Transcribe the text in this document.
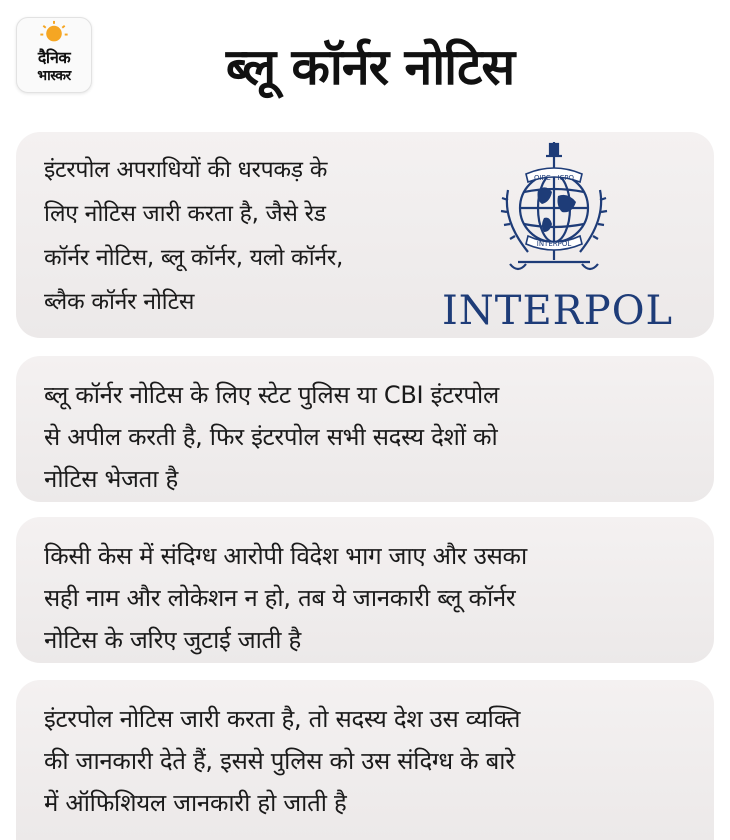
दैनिक
भास्कर	ब्लू कॉर्नर नोटिस
इंटरपोल अपराधियों की धरपकड़ के
लिए नोटिस जारी करता है, जैसे रेड
कॉर्नर नोटिस, ब्लू कॉर्नर, यलो कॉर्नर,
ब्लैक कॉर्नर नोटिस
OIPC · ICPO
INTERPOL
INTERPOL
ब्लू कॉर्नर नोटिस के लिए स्टेट पुलिस या CBI इंटरपोल
से अपील करती है, फिर इंटरपोल सभी सदस्य देशों को
नोटिस भेजता है
किसी केस में संदिग्ध आरोपी विदेश भाग जाए और उसका
सही नाम और लोकेशन न हो, तब ये जानकारी ब्लू कॉर्नर
नोटिस के जरिए जुटाई जाती है
इंटरपोल नोटिस जारी करता है, तो सदस्य देश उस व्यक्ति
की जानकारी देते हैं, इससे पुलिस को उस संदिग्ध के बारे
में ऑफिशियल जानकारी हो जाती है
